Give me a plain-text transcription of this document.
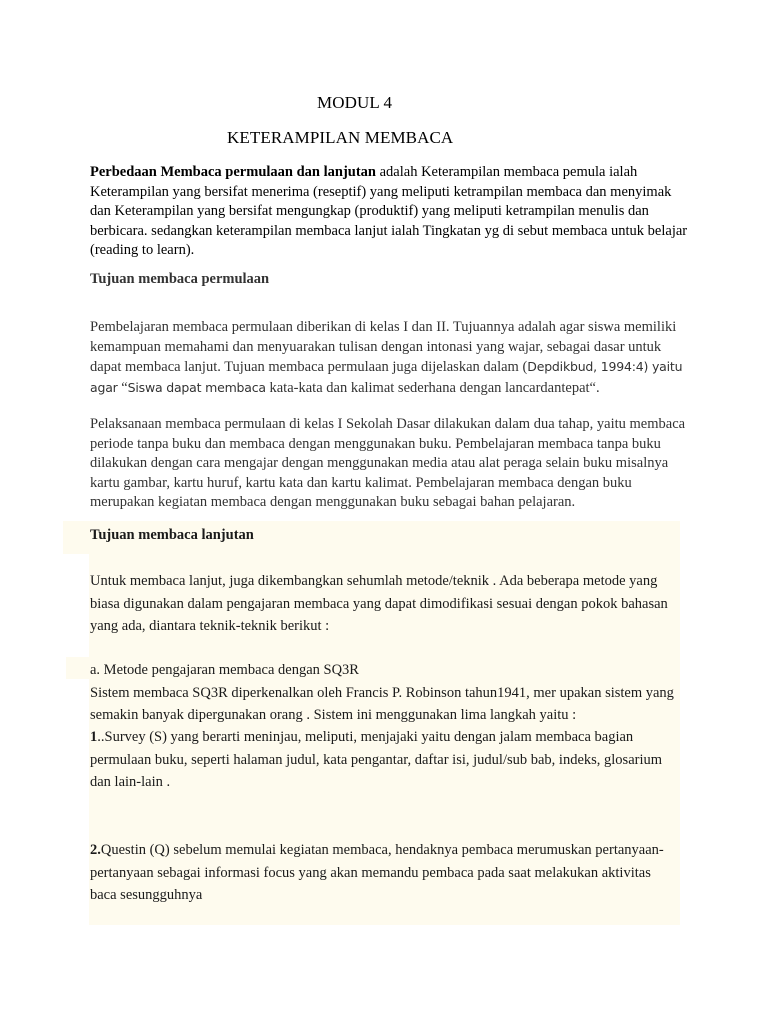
MODUL 4
KETERAMPILAN MEMBACA

Perbedaan Membaca permulaan dan lanjutan adalah Keterampilan membaca pemula ialah Keterampilan yang bersifat menerima (reseptif) yang meliputi ketrampilan membaca dan menyimak dan Keterampilan yang bersifat mengungkap (produktif) yang meliputi ketrampilan menulis dan berbicara. sedangkan keterampilan membaca lanjut ialah Tingkatan yg di sebut membaca untuk belajar (reading to learn).

Tujuan membaca permulaan

Pembelajaran membaca permulaan diberikan di kelas I dan II. Tujuannya adalah agar siswa memiliki kemampuan memahami dan menyuarakan tulisan dengan intonasi yang wajar, sebagai dasar untuk dapat membaca lanjut. Tujuan membaca permulaan juga dijelaskan dalam (Depdikbud, 1994:4) yaitu agar “Siswa dapat membaca kata-kata dan kalimat sederhana dengan lancardantepat“.

Pelaksanaan membaca permulaan di kelas I Sekolah Dasar dilakukan dalam dua tahap, yaitu membaca periode tanpa buku dan membaca dengan menggunakan buku. Pembelajaran membaca tanpa buku dilakukan dengan cara mengajar dengan menggunakan media atau alat peraga selain buku misalnya kartu gambar, kartu huruf, kartu kata dan kartu kalimat. Pembelajaran membaca dengan buku merupakan kegiatan membaca dengan menggunakan buku sebagai bahan pelajaran.

Tujuan membaca lanjutan

Untuk membaca lanjut, juga dikembangkan sehumlah metode/teknik . Ada beberapa metode yang biasa digunakan dalam pengajaran membaca yang dapat dimodifikasi sesuai dengan pokok bahasan yang ada, diantara teknik-teknik berikut :

a. Metode pengajaran membaca dengan SQ3R

Sistem membaca SQ3R diperkenalkan oleh Francis P. Robinson tahun1941, mer upakan sistem yang semakin banyak dipergunakan orang . Sistem ini menggunakan lima langkah yaitu :

1..Survey (S) yang berarti meninjau, meliputi, menjajaki yaitu dengan jalam membaca bagian permulaan buku, seperti halaman judul, kata pengantar, daftar isi, judul/sub bab, indeks, glosarium dan lain-lain .

2.Questin (Q) sebelum memulai kegiatan membaca, hendaknya pembaca merumuskan pertanyaan-pertanyaan sebagai informasi focus yang akan memandu pembaca pada saat melakukan aktivitas baca sesungguhnya
